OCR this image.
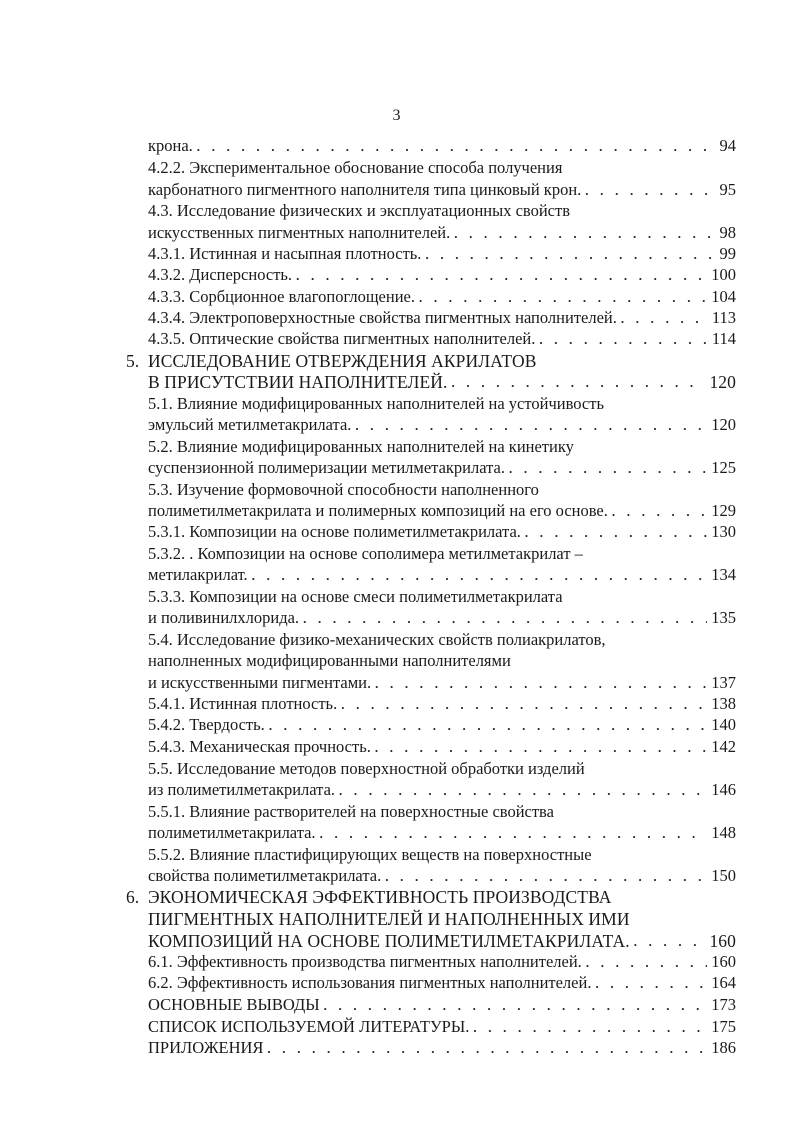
3
крона. . . .	94
4.2.2. Экспериментальное обоснование способа получения
карбонатного пигментного наполнителя типа цинковый крон. . . .	95
4.3. Исследование физических и эксплуатационных свойств
искусственных пигментных наполнителей. . . .	98
4.3.1. Истинная и насыпная плотность. . . .	99
4.3.2. Дисперсность. . . .	100
4.3.3. Сорбционное влагопоглощение. . . .	104
4.3.4. Электроповерхностные свойства пигментных наполнителей. . . .	113
4.3.5. Оптические свойства пигментных наполнителей. . . .	114
5. ИССЛЕДОВАНИЕ ОТВЕРЖДЕНИЯ АКРИЛАТОВ
В ПРИСУТСТВИИ НАПОЛНИТЕЛЕЙ. . . .	120
5.1. Влияние модифицированных наполнителей на устойчивость
эмульсий метилметакрилата. . . .	120
5.2. Влияние модифицированных наполнителей на кинетику
суспензионной полимеризации метилметакрилата. . . .	125
5.3. Изучение формовочной способности наполненного
полиметилметакрилата и полимерных композиций на его основе. . . .	129
5.3.1. Композиции на основе полиметилметакрилата. . . .	130
5.3.2. . Композиции на основе сополимера метилметакрилат –
метилакрилат. . . .	134
5.3.3. Композиции на основе смеси полиметилметакрилата
и поливинилхлорида. . . .	135
5.4. Исследование физико-механических свойств полиакрилатов,
наполненных модифицированными наполнителями
и искусственными пигментами. . . .	137
5.4.1. Истинная плотность. . . .	138
5.4.2. Твердость. . . .	140
5.4.3. Механическая прочность. . . .	142
5.5. Исследование методов поверхностной обработки изделий
из полиметилметакрилата. . . .	146
5.5.1. Влияние растворителей на поверхностные свойства
полиметилметакрилата. . . .	148
5.5.2. Влияние пластифицирующих веществ на поверхностные
свойства полиметилметакрилата. . . .	150
6. ЭКОНОМИЧЕСКАЯ ЭФФЕКТИВНОСТЬ ПРОИЗВОДСТВА
ПИГМЕНТНЫХ НАПОЛНИТЕЛЕЙ И НАПОЛНЕННЫХ ИМИ
КОМПОЗИЦИЙ НА ОСНОВЕ ПОЛИМЕТИЛМЕТАКРИЛАТА. . . .	160
6.1. Эффективность производства пигментных наполнителей. . . .	160
6.2. Эффективность использования пигментных наполнителей. . . .	164
ОСНОВНЫЕ ВЫВОДЫ . . .	173
СПИСОК ИСПОЛЬЗУЕМОЙ ЛИТЕРАТУРЫ. . . .	175
ПРИЛОЖЕНИЯ . . .	186
